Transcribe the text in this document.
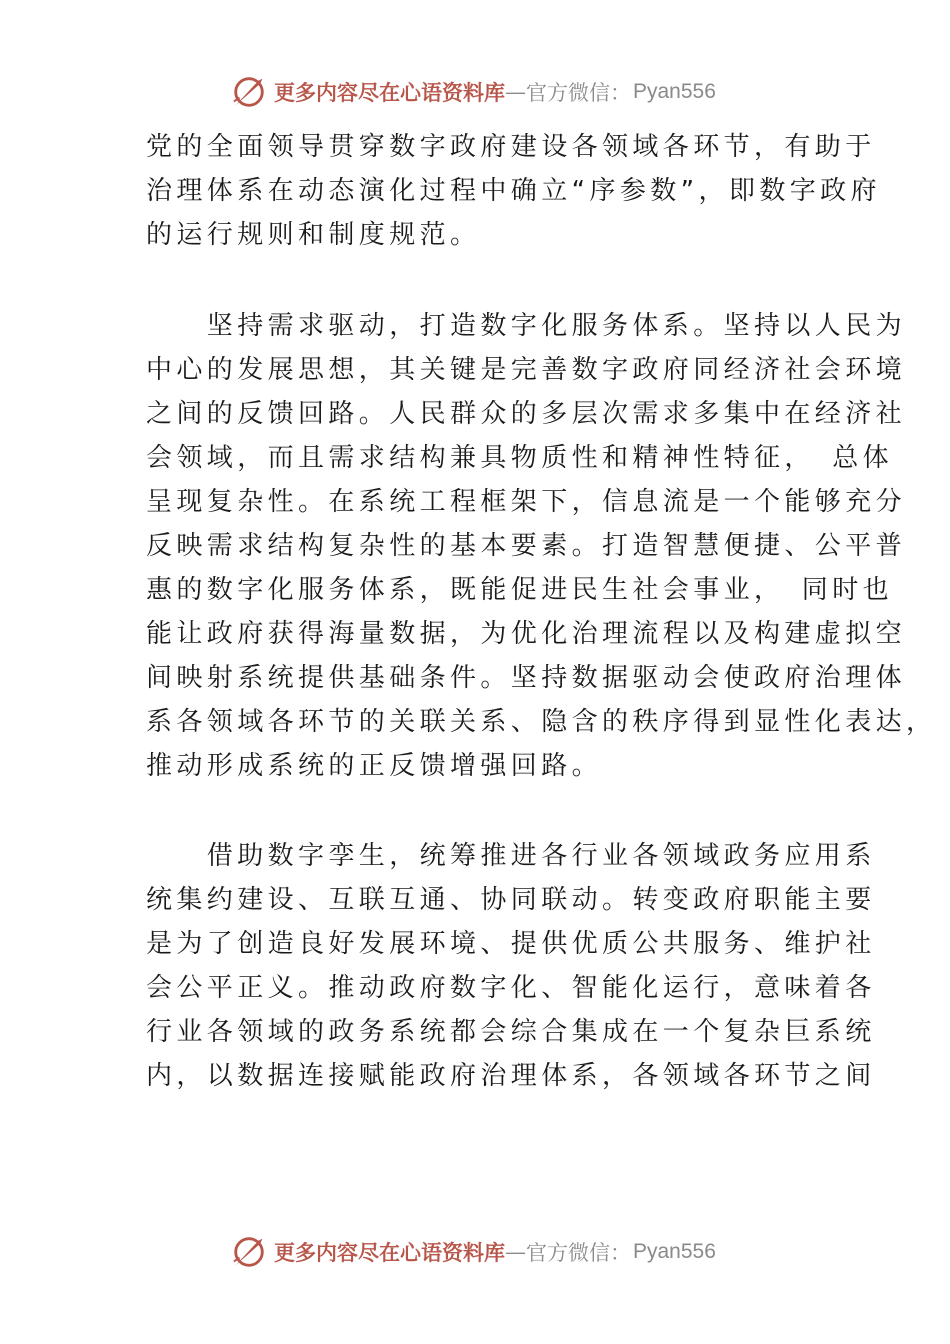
更多内容尽在心语资料库 — 官方微信： Pyan556
党的全面领导贯穿数字政府建设各领域各环节，有助于
治理体系在动态演化过程中确立“序参数”，即数字政府
的运行规则和制度规范。
　　坚持需求驱动，打造数字化服务体系。坚持以人民为
中心的发展思想，其关键是完善数字政府同经济社会环境
之间的反馈回路。人民群众的多层次需求多集中在经济社
会领域，而且需求结构兼具物质性和精神性特征，　总体
呈现复杂性。在系统工程框架下，信息流是一个能够充分
反映需求结构复杂性的基本要素。打造智慧便捷、公平普
惠的数字化服务体系，既能促进民生社会事业，　同时也
能让政府获得海量数据，为优化治理流程以及构建虚拟空
间映射系统提供基础条件。坚持数据驱动会使政府治理体
系各领域各环节的关联关系、隐含的秩序得到显性化表达，
推动形成系统的正反馈增强回路。
　　借助数字孪生，统筹推进各行业各领域政务应用系
统集约建设、互联互通、协同联动。转变政府职能主要
是为了创造良好发展环境、提供优质公共服务、维护社
会公平正义。推动政府数字化、智能化运行，意味着各
行业各领域的政务系统都会综合集成在一个复杂巨系统
内，以数据连接赋能政府治理体系，各领域各环节之间
更多内容尽在心语资料库 — 官方微信： Pyan556
